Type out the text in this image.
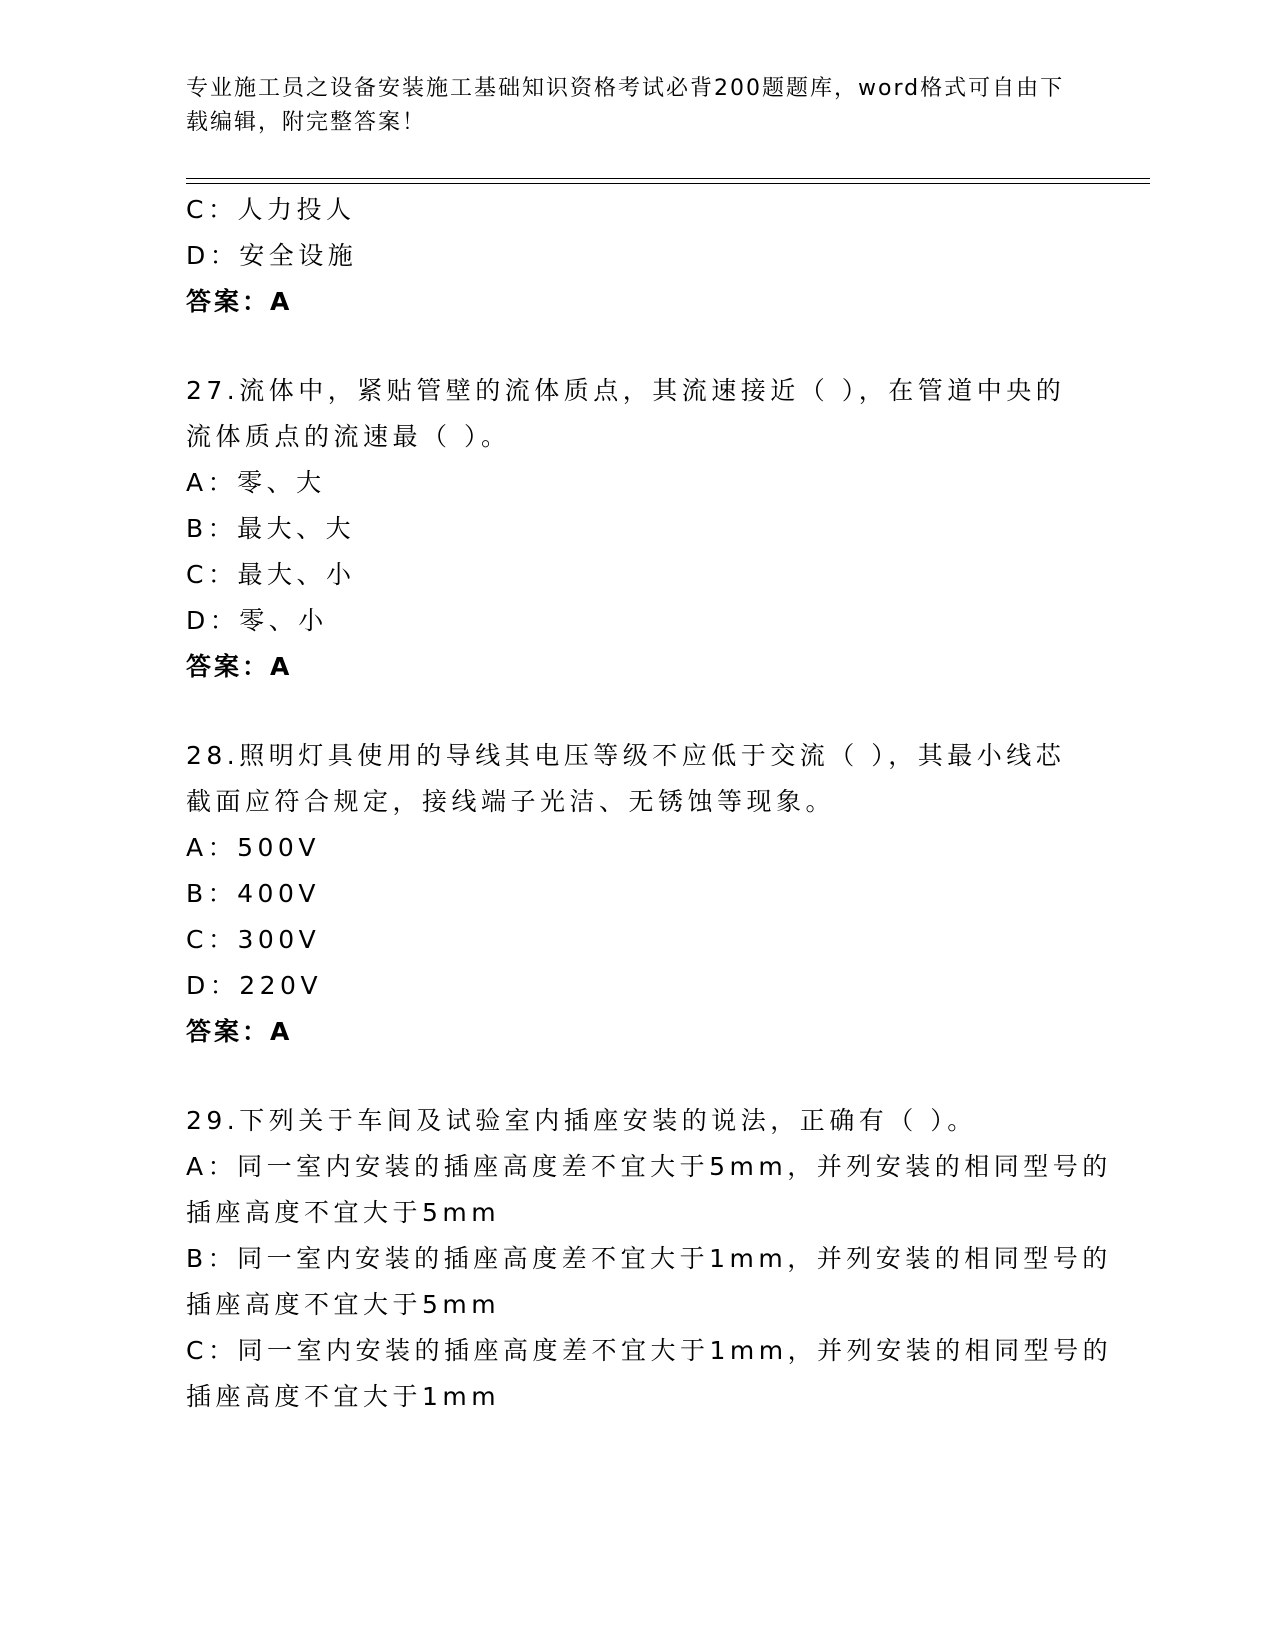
专业施工员之设备安装施工基础知识资格考试必背200题题库，word格式可自由下载编辑，附完整答案！
C：人力投人
D：安全设施
答案：A
27.流体中，紧贴管壁的流体质点，其流速接近（ ），在管道中央的
流体质点的流速最（ ）。
A：零、大
B：最大、大
C：最大、小
D：零、小
答案：A
28.照明灯具使用的导线其电压等级不应低于交流（ ），其最小线芯
截面应符合规定，接线端子光洁、无锈蚀等现象。
A：500V
B：400V
C：300V
D：220V
答案：A
29.下列关于车间及试验室内插座安装的说法，正确有（ ）。
A：同一室内安装的插座高度差不宜大于5mm，并列安装的相同型号的
插座高度不宜大于5mm
B：同一室内安装的插座高度差不宜大于1mm，并列安装的相同型号的
插座高度不宜大于5mm
C：同一室内安装的插座高度差不宜大于1mm，并列安装的相同型号的
插座高度不宜大于1mm
